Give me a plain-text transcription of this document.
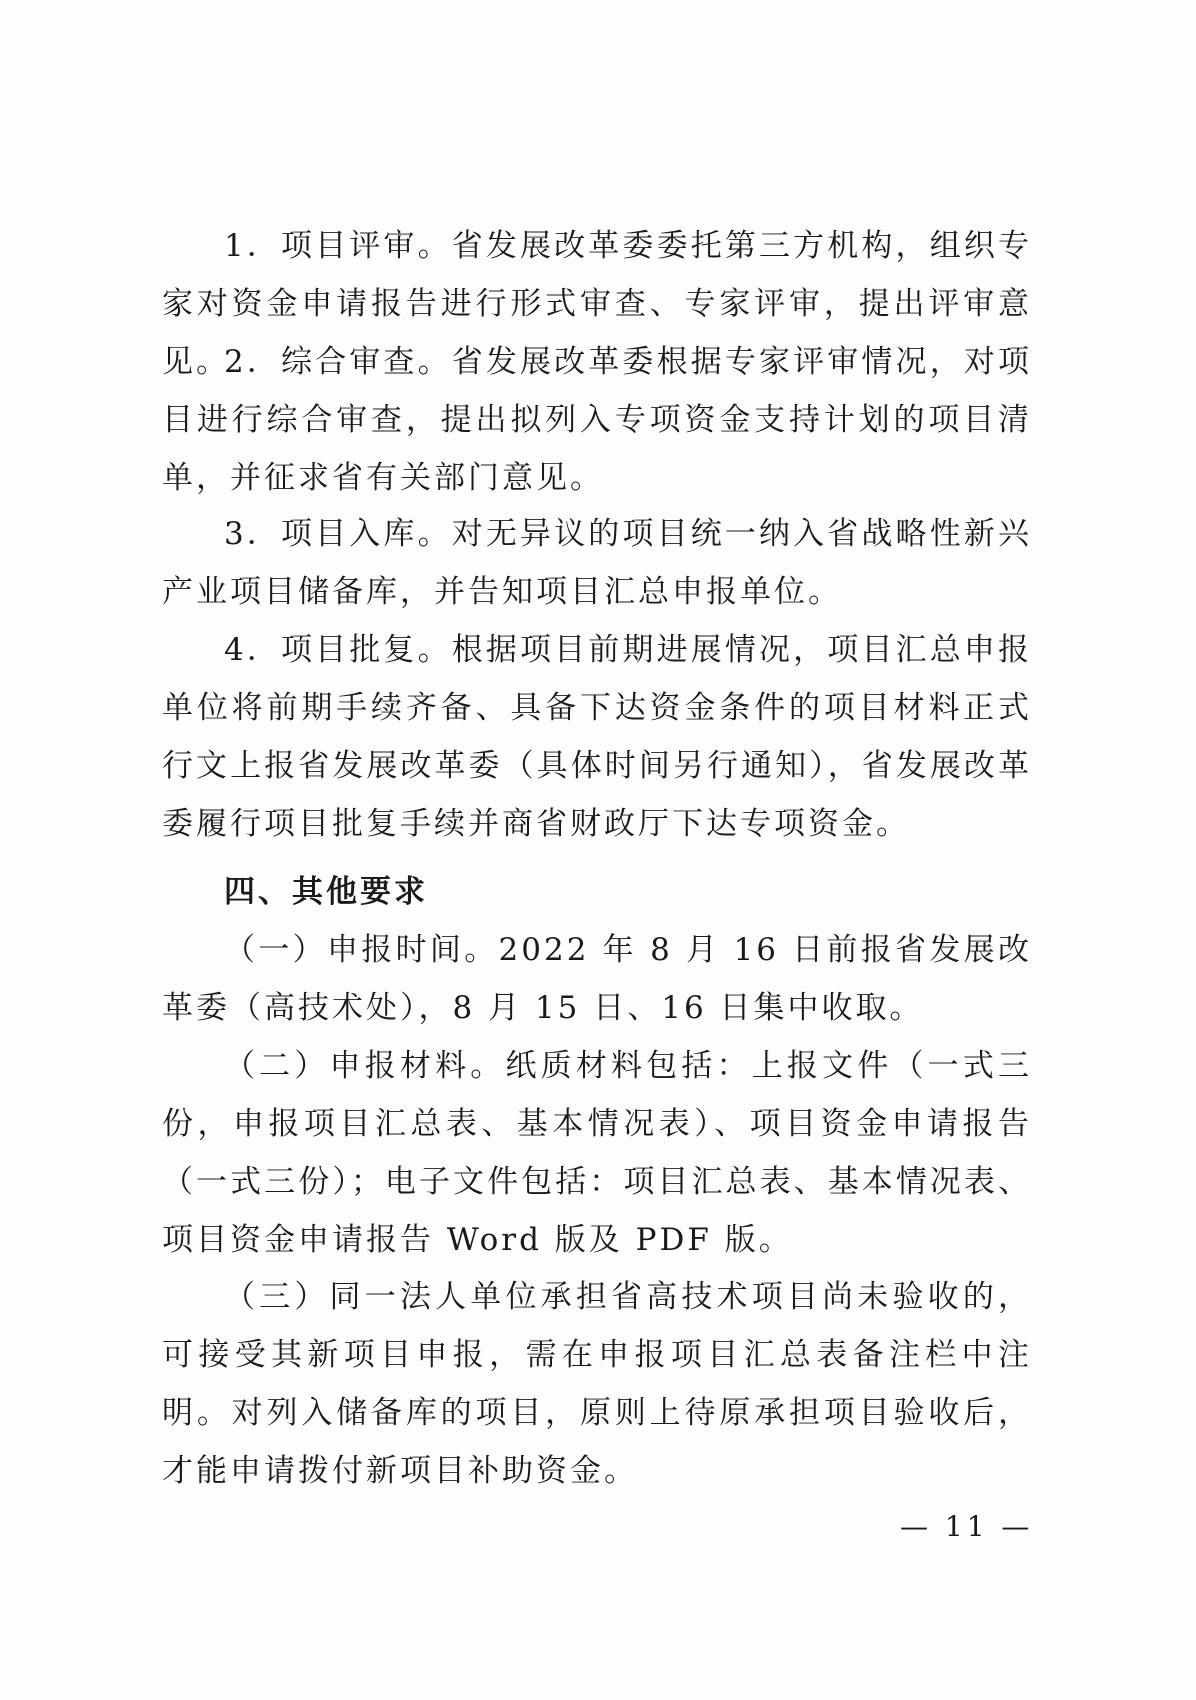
1．项目评审。省发展改革委委托第三方机构，组织专家对资金申请报告进行形式审查、专家评审，提出评审意见。

2．综合审查。省发展改革委根据专家评审情况，对项目进行综合审查，提出拟列入专项资金支持计划的项目清单，并征求省有关部门意见。

3．项目入库。对无异议的项目统一纳入省战略性新兴产业项目储备库，并告知项目汇总申报单位。

4．项目批复。根据项目前期进展情况，项目汇总申报单位将前期手续齐备、具备下达资金条件的项目材料正式行文上报省发展改革委（具体时间另行通知），省发展改革委履行项目批复手续并商省财政厅下达专项资金。

四、其他要求

（一）申报时间。2022 年 8 月 16 日前报省发展改革委（高技术处），8 月 15 日、16 日集中收取。

（二）申报材料。纸质材料包括：上报文件（一式三份，申报项目汇总表、基本情况表）、项目资金申请报告（一式三份）；电子文件包括：项目汇总表、基本情况表、项目资金申请报告 Word 版及 PDF 版。

（三）同一法人单位承担省高技术项目尚未验收的，可接受其新项目申报，需在申报项目汇总表备注栏中注明。对列入储备库的项目，原则上待原承担项目验收后，才能申请拨付新项目补助资金。

— 11 —
